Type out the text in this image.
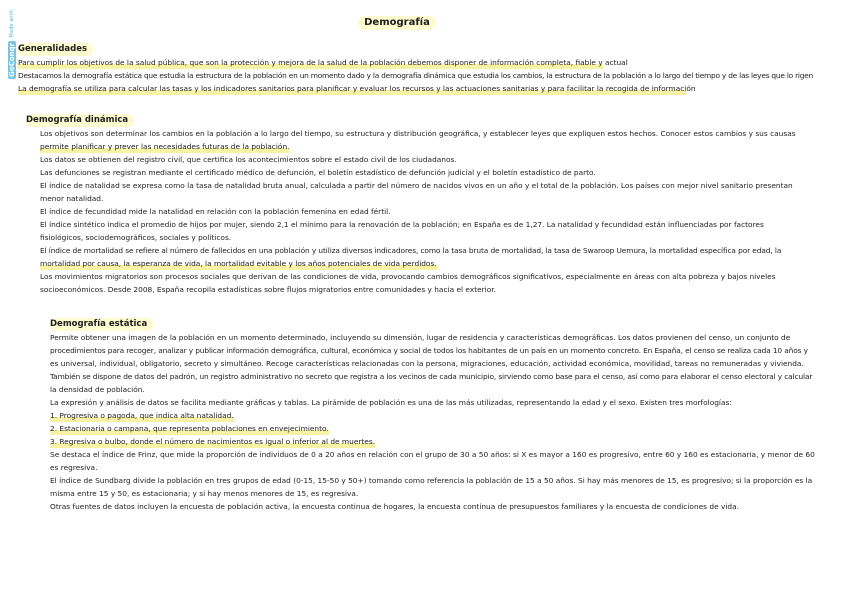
Made with
GoConqr
Demografía
Generalidades
Para cumplir los objetivos de la salud pública, que son la protección y mejora de la salud de la población debemos disponer de información completa, fiable y actual
Destacamos la demografía estática que estudia la estructura de la población en un momento dado y la demografía dinámica que estudia los cambios, la estructura de la población a lo largo del tiempo y de las leyes que lo rigen
La demografía se utiliza para calcular las tasas y los indicadores sanitarios para planificar y evaluar los recursos y las actuaciones sanitarias y para facilitar la recogida de información
Demografía dinámica
Los objetivos son determinar los cambios en la población a lo largo del tiempo, su estructura y distribución geográfica, y establecer leyes que expliquen estos hechos. Conocer estos cambios y sus causas
permite planificar y prever las necesidades futuras de la población.
Los datos se obtienen del registro civil, que certifica los acontecimientos sobre el estado civil de los ciudadanos.
Las defunciones se registran mediante el certificado médico de defunción, el boletín estadístico de defunción judicial y el boletín estadístico de parto.
El índice de natalidad se expresa como la tasa de natalidad bruta anual, calculada a partir del número de nacidos vivos en un año y el total de la población. Los países con mejor nivel sanitario presentan
menor natalidad.
El índice de fecundidad mide la natalidad en relación con la población femenina en edad fértil.
El índice sintético indica el promedio de hijos por mujer, siendo 2,1 el mínimo para la renovación de la población; en España es de 1,27. La natalidad y fecundidad están influenciadas por factores
fisiológicos, sociodemográficos, sociales y políticos.
El índice de mortalidad se refiere al número de fallecidos en una población y utiliza diversos indicadores, como la tasa bruta de mortalidad, la tasa de Swaroop Uemura, la mortalidad específica por edad, la
mortalidad por causa, la esperanza de vida, la mortalidad evitable y los años potenciales de vida perdidos.
Los movimientos migratorios son procesos sociales que derivan de las condiciones de vida, provocando cambios demográficos significativos, especialmente en áreas con alta pobreza y bajos niveles
socioeconómicos. Desde 2008, España recopila estadísticas sobre flujos migratorios entre comunidades y hacia el exterior.
Demografía estática
Permite obtener una imagen de la población en un momento determinado, incluyendo su dimensión, lugar de residencia y características demográficas. Los datos provienen del censo, un conjunto de
procedimientos para recoger, analizar y publicar información demográfica, cultural, económica y social de todos los habitantes de un país en un momento concreto. En España, el censo se realiza cada 10 años y
es universal, individual, obligatorio, secreto y simultáneo. Recoge características relacionadas con la persona, migraciones, educación, actividad económica, movilidad, tareas no remuneradas y vivienda.
También se dispone de datos del padrón, un registro administrativo no secreto que registra a los vecinos de cada municipio, sirviendo como base para el censo, así como para elaborar el censo electoral y calcular
la densidad de población.
La expresión y análisis de datos se facilita mediante gráficas y tablas. La pirámide de población es una de las más utilizadas, representando la edad y el sexo. Existen tres morfologías:
1. Progresiva o pagoda, que indica alta natalidad.
2. Estacionaria o campana, que representa poblaciones en envejecimiento.
3. Regresiva o bulbo, donde el número de nacimientos es igual o inferior al de muertes.
Se destaca el índice de Frinz, que mide la proporción de individuos de 0 a 20 años en relación con el grupo de 30 a 50 años: si X es mayor a 160 es progresivo, entre 60 y 160 es estacionaria, y menor de 60
es regresiva.
El índice de Sundbarg divide la población en tres grupos de edad (0-15, 15-50 y 50+) tomando como referencia la población de 15 a 50 años. Si hay más menores de 15, es progresivo; si la proporción es la
misma entre 15 y 50, es estacionaria; y si hay menos menores de 15, es regresiva.
Otras fuentes de datos incluyen la encuesta de población activa, la encuesta continua de hogares, la encuesta continua de presupuestos familiares y la encuesta de condiciones de vida.
